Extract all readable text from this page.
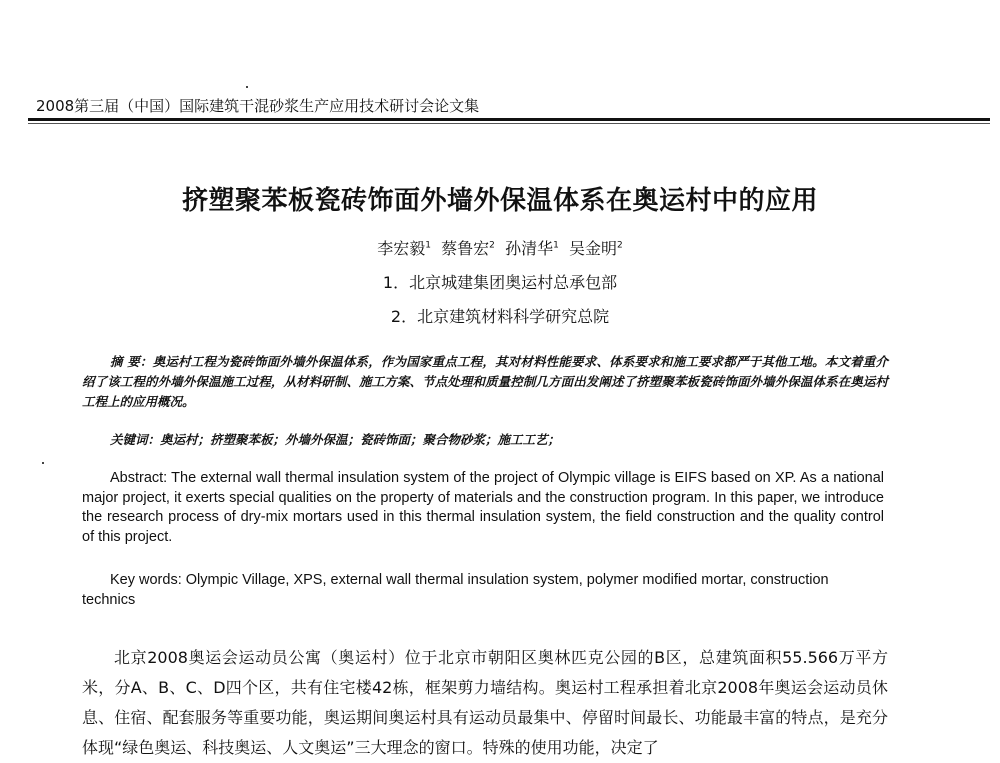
2008第三届（中国）国际建筑干混砂浆生产应用技术研讨会论文集
挤塑聚苯板瓷砖饰面外墙外保温体系在奥运村中的应用
李宏毅$^1$ 蔡鲁宏$^2$ 孙清华$^1$ 吴金明$^2$
1．北京城建集团奥运村总承包部
2．北京建筑材料科学研究总院
摘 要：奥运村工程为瓷砖饰面外墙外保温体系，作为国家重点工程，其对材料性能要求、体系要求和施工要求都严于其他工地。本文着重介绍了该工程的外墙外保温施工过程，从材料研制、施工方案、节点处理和质量控制几方面出发阐述了挤塑聚苯板瓷砖饰面外墙外保温体系在奥运村工程上的应用概况。
关键词：奥运村；挤塑聚苯板；外墙外保温；瓷砖饰面；聚合物砂浆；施工工艺；
Abstract: The external wall thermal insulation system of the project of Olympic village is EIFS based on XP. As a national major project, it exerts special qualities on the property of materials and the construction program. In this paper, we introduce the research process of dry-mix mortars used in this thermal insulation system, the field construction and the quality control of this project.
Key words: Olympic Village, XPS, external wall thermal insulation system, polymer modified mortar, construction technics
北京2008奥运会运动员公寓（奥运村）位于北京市朝阳区奥林匹克公园的B区，总建筑面积55.566万平方米，分A、B、C、D四个区，共有住宅楼42栋，框架剪力墙结构。奥运村工程承担着北京2008年奥运会运动员休息、住宿、配套服务等重要功能，奥运期间奥运村具有运动员最集中、停留时间最长、功能最丰富的特点，是充分体现“绿色奥运、科技奥运、人文奥运”三大理念的窗口。特殊的使用功能，决定了
